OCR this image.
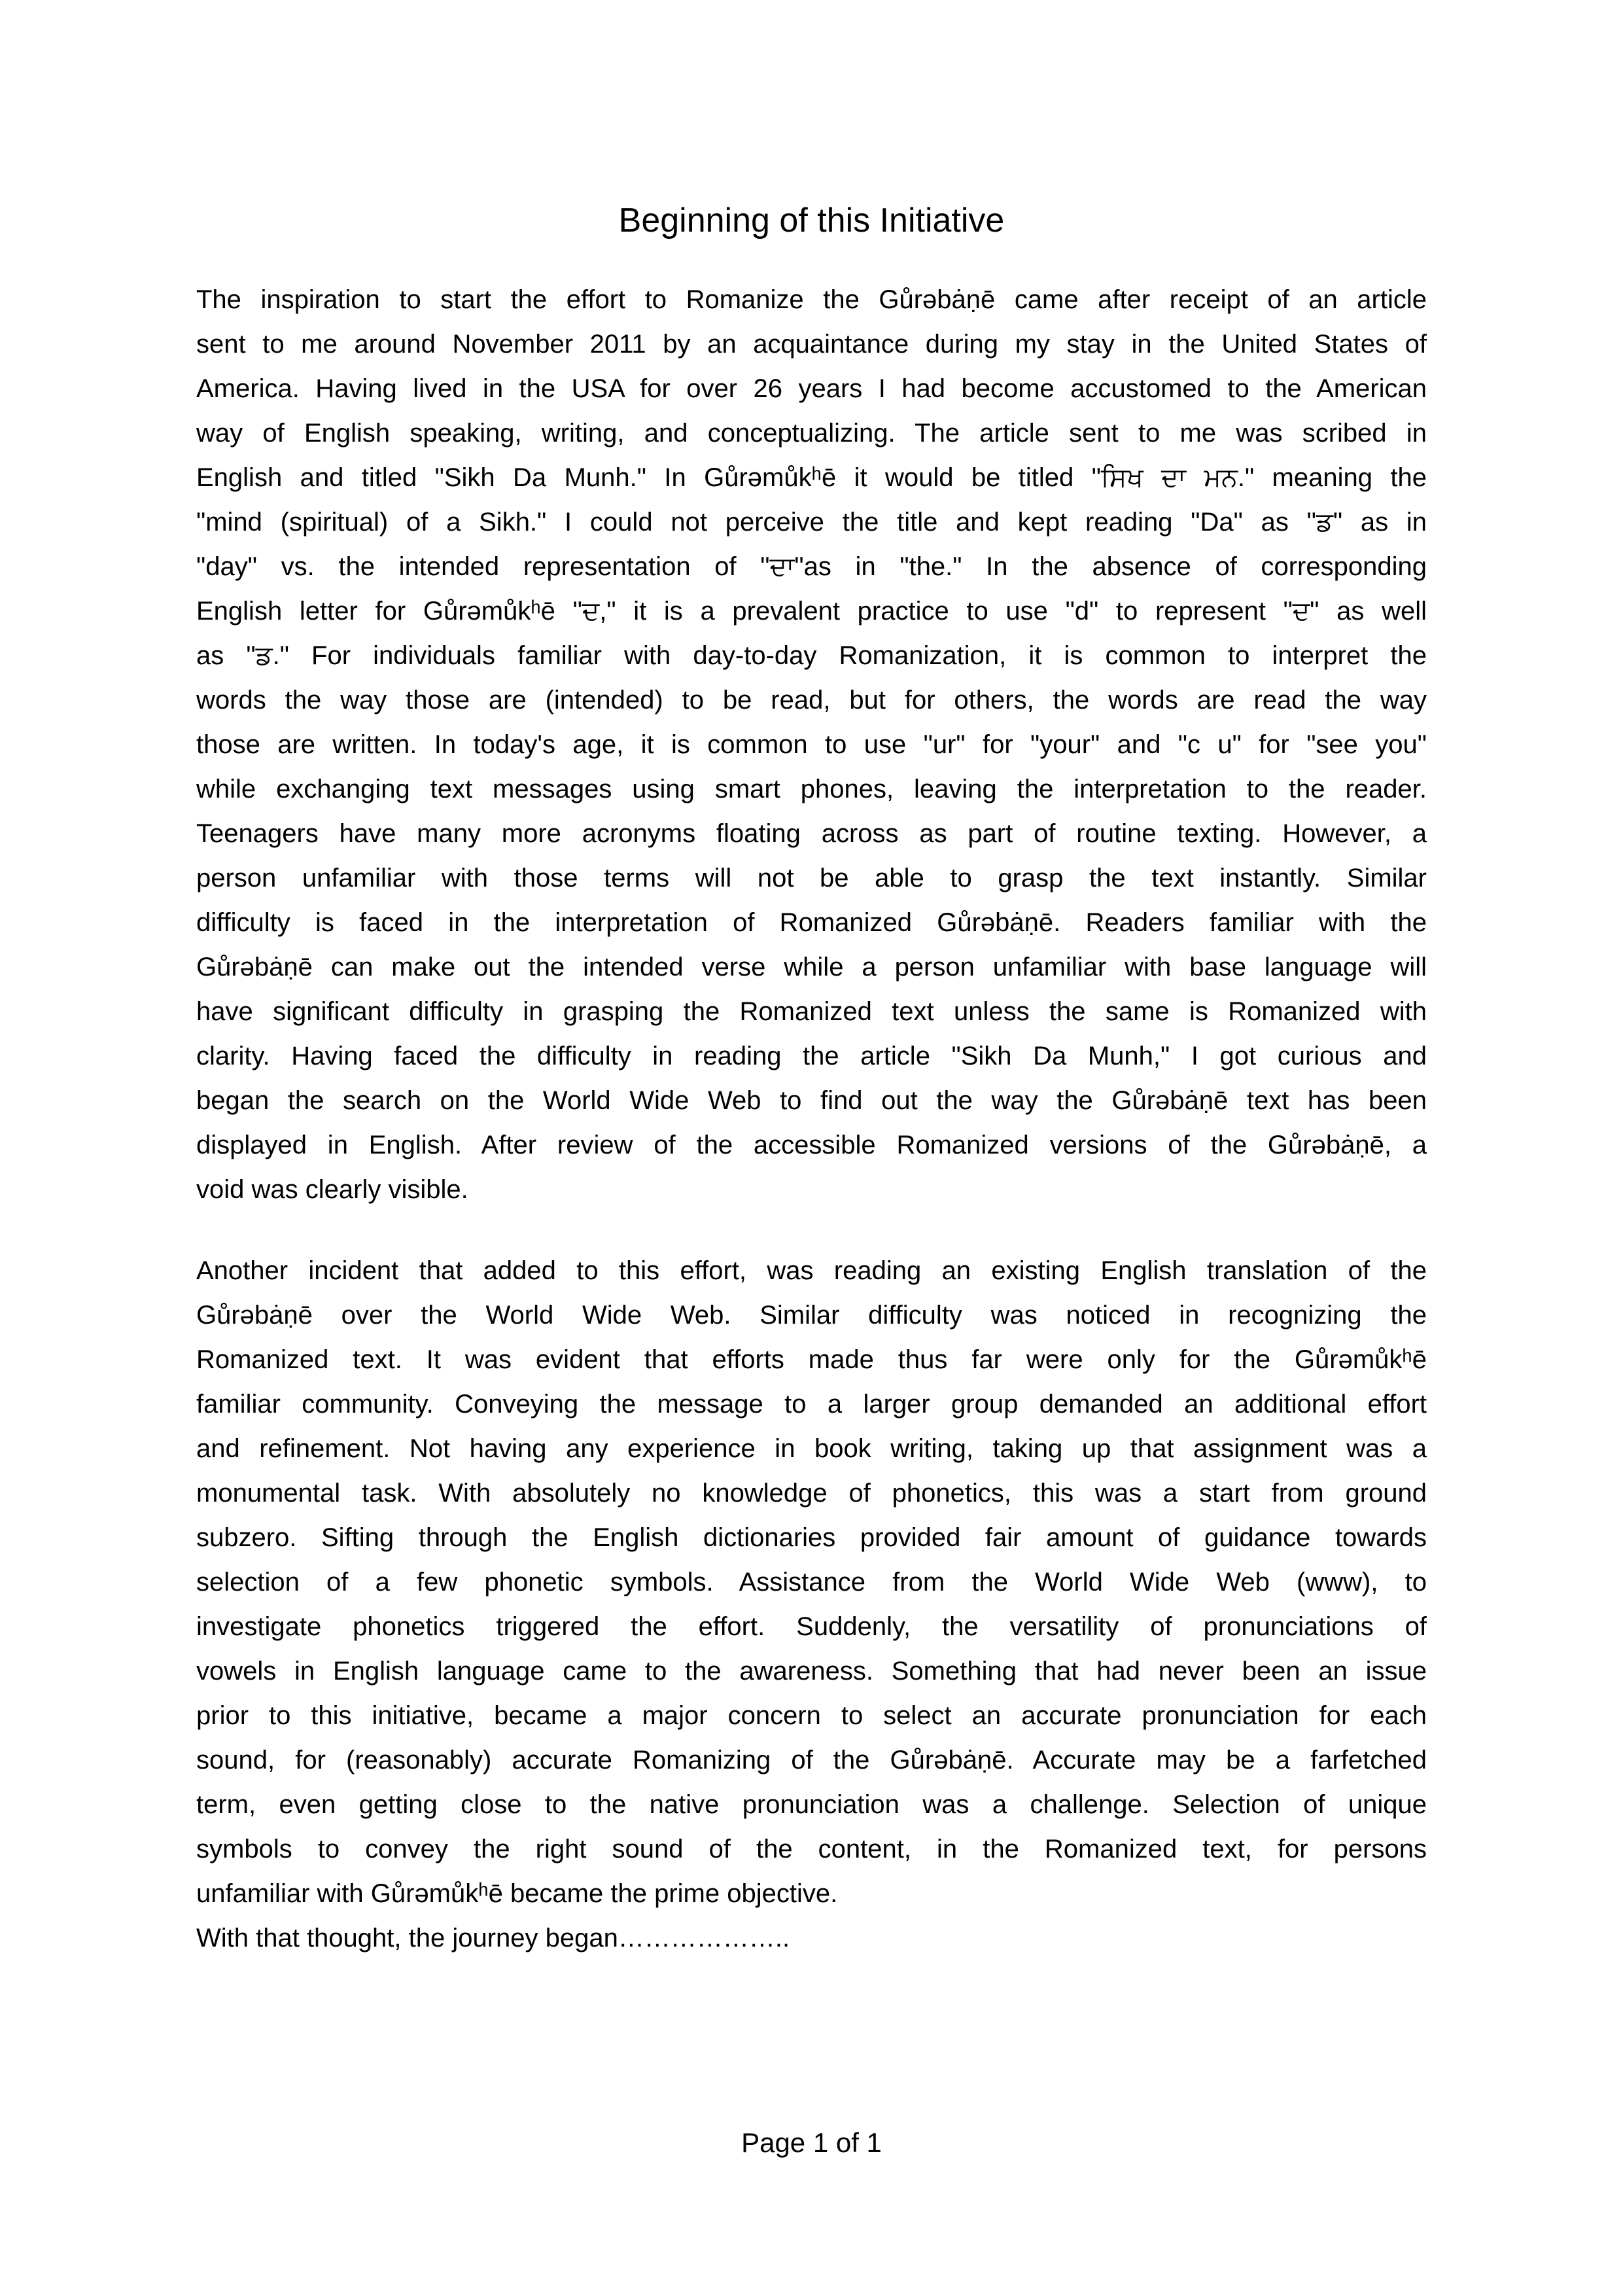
Beginning of this Initiative
The inspiration to start the effort to Romanize the Gůrəbȧṇē came after receipt of an article
sent to me around November 2011 by an acquaintance during my stay in the United States of
America. Having lived in the USA for over 26 years I had become accustomed to the American
way of English speaking, writing, and conceptualizing. The article sent to me was scribed in
English and titled "Sikh Da Munh." In Gůrəmůkʰē it would be titled "ਸਿਖ ਦਾ ਮਨ." meaning the
"mind (spiritual) of a Sikh." I could not perceive the title and kept reading "Da" as "ਡ" as in
"day" vs. the intended representation of "ਦਾ"as in "the." In the absence of corresponding
English letter for Gůrəmůkʰē "ਦ," it is a prevalent practice to use "d" to represent "ਦ" as well
as "ਡ." For individuals familiar with day-to-day Romanization, it is common to interpret the
words the way those are (intended) to be read, but for others, the words are read the way
those are written. In today's age, it is common to use "ur" for "your" and "c u" for "see you"
while exchanging text messages using smart phones, leaving the interpretation to the reader.
Teenagers have many more acronyms floating across as part of routine texting. However, a
person unfamiliar with those terms will not be able to grasp the text instantly. Similar
difficulty is faced in the interpretation of Romanized Gůrəbȧṇē. Readers familiar with the
Gůrəbȧṇē can make out the intended verse while a person unfamiliar with base language will
have significant difficulty in grasping the Romanized text unless the same is Romanized with
clarity. Having faced the difficulty in reading the article "Sikh Da Munh," I got curious and
began the search on the World Wide Web to find out the way the Gůrəbȧṇē text has been
displayed in English. After review of the accessible Romanized versions of the Gůrəbȧṇē, a
void was clearly visible.
Another incident that added to this effort, was reading an existing English translation of the
Gůrəbȧṇē over the World Wide Web. Similar difficulty was noticed in recognizing the
Romanized text. It was evident that efforts made thus far were only for the Gůrəmůkʰē
familiar community. Conveying the message to a larger group demanded an additional effort
and refinement. Not having any experience in book writing, taking up that assignment was a
monumental task. With absolutely no knowledge of phonetics, this was a start from ground
subzero. Sifting through the English dictionaries provided fair amount of guidance towards
selection of a few phonetic symbols. Assistance from the World Wide Web (www), to
investigate phonetics triggered the effort. Suddenly, the versatility of pronunciations of
vowels in English language came to the awareness. Something that had never been an issue
prior to this initiative, became a major concern to select an accurate pronunciation for each
sound, for (reasonably) accurate Romanizing of the Gůrəbȧṇē. Accurate may be a farfetched
term, even getting close to the native pronunciation was a challenge. Selection of unique
symbols to convey the right sound of the content, in the Romanized text, for persons
unfamiliar with Gůrəmůkʰē became the prime objective.
With that thought, the journey began………………..
Page 1 of 1
